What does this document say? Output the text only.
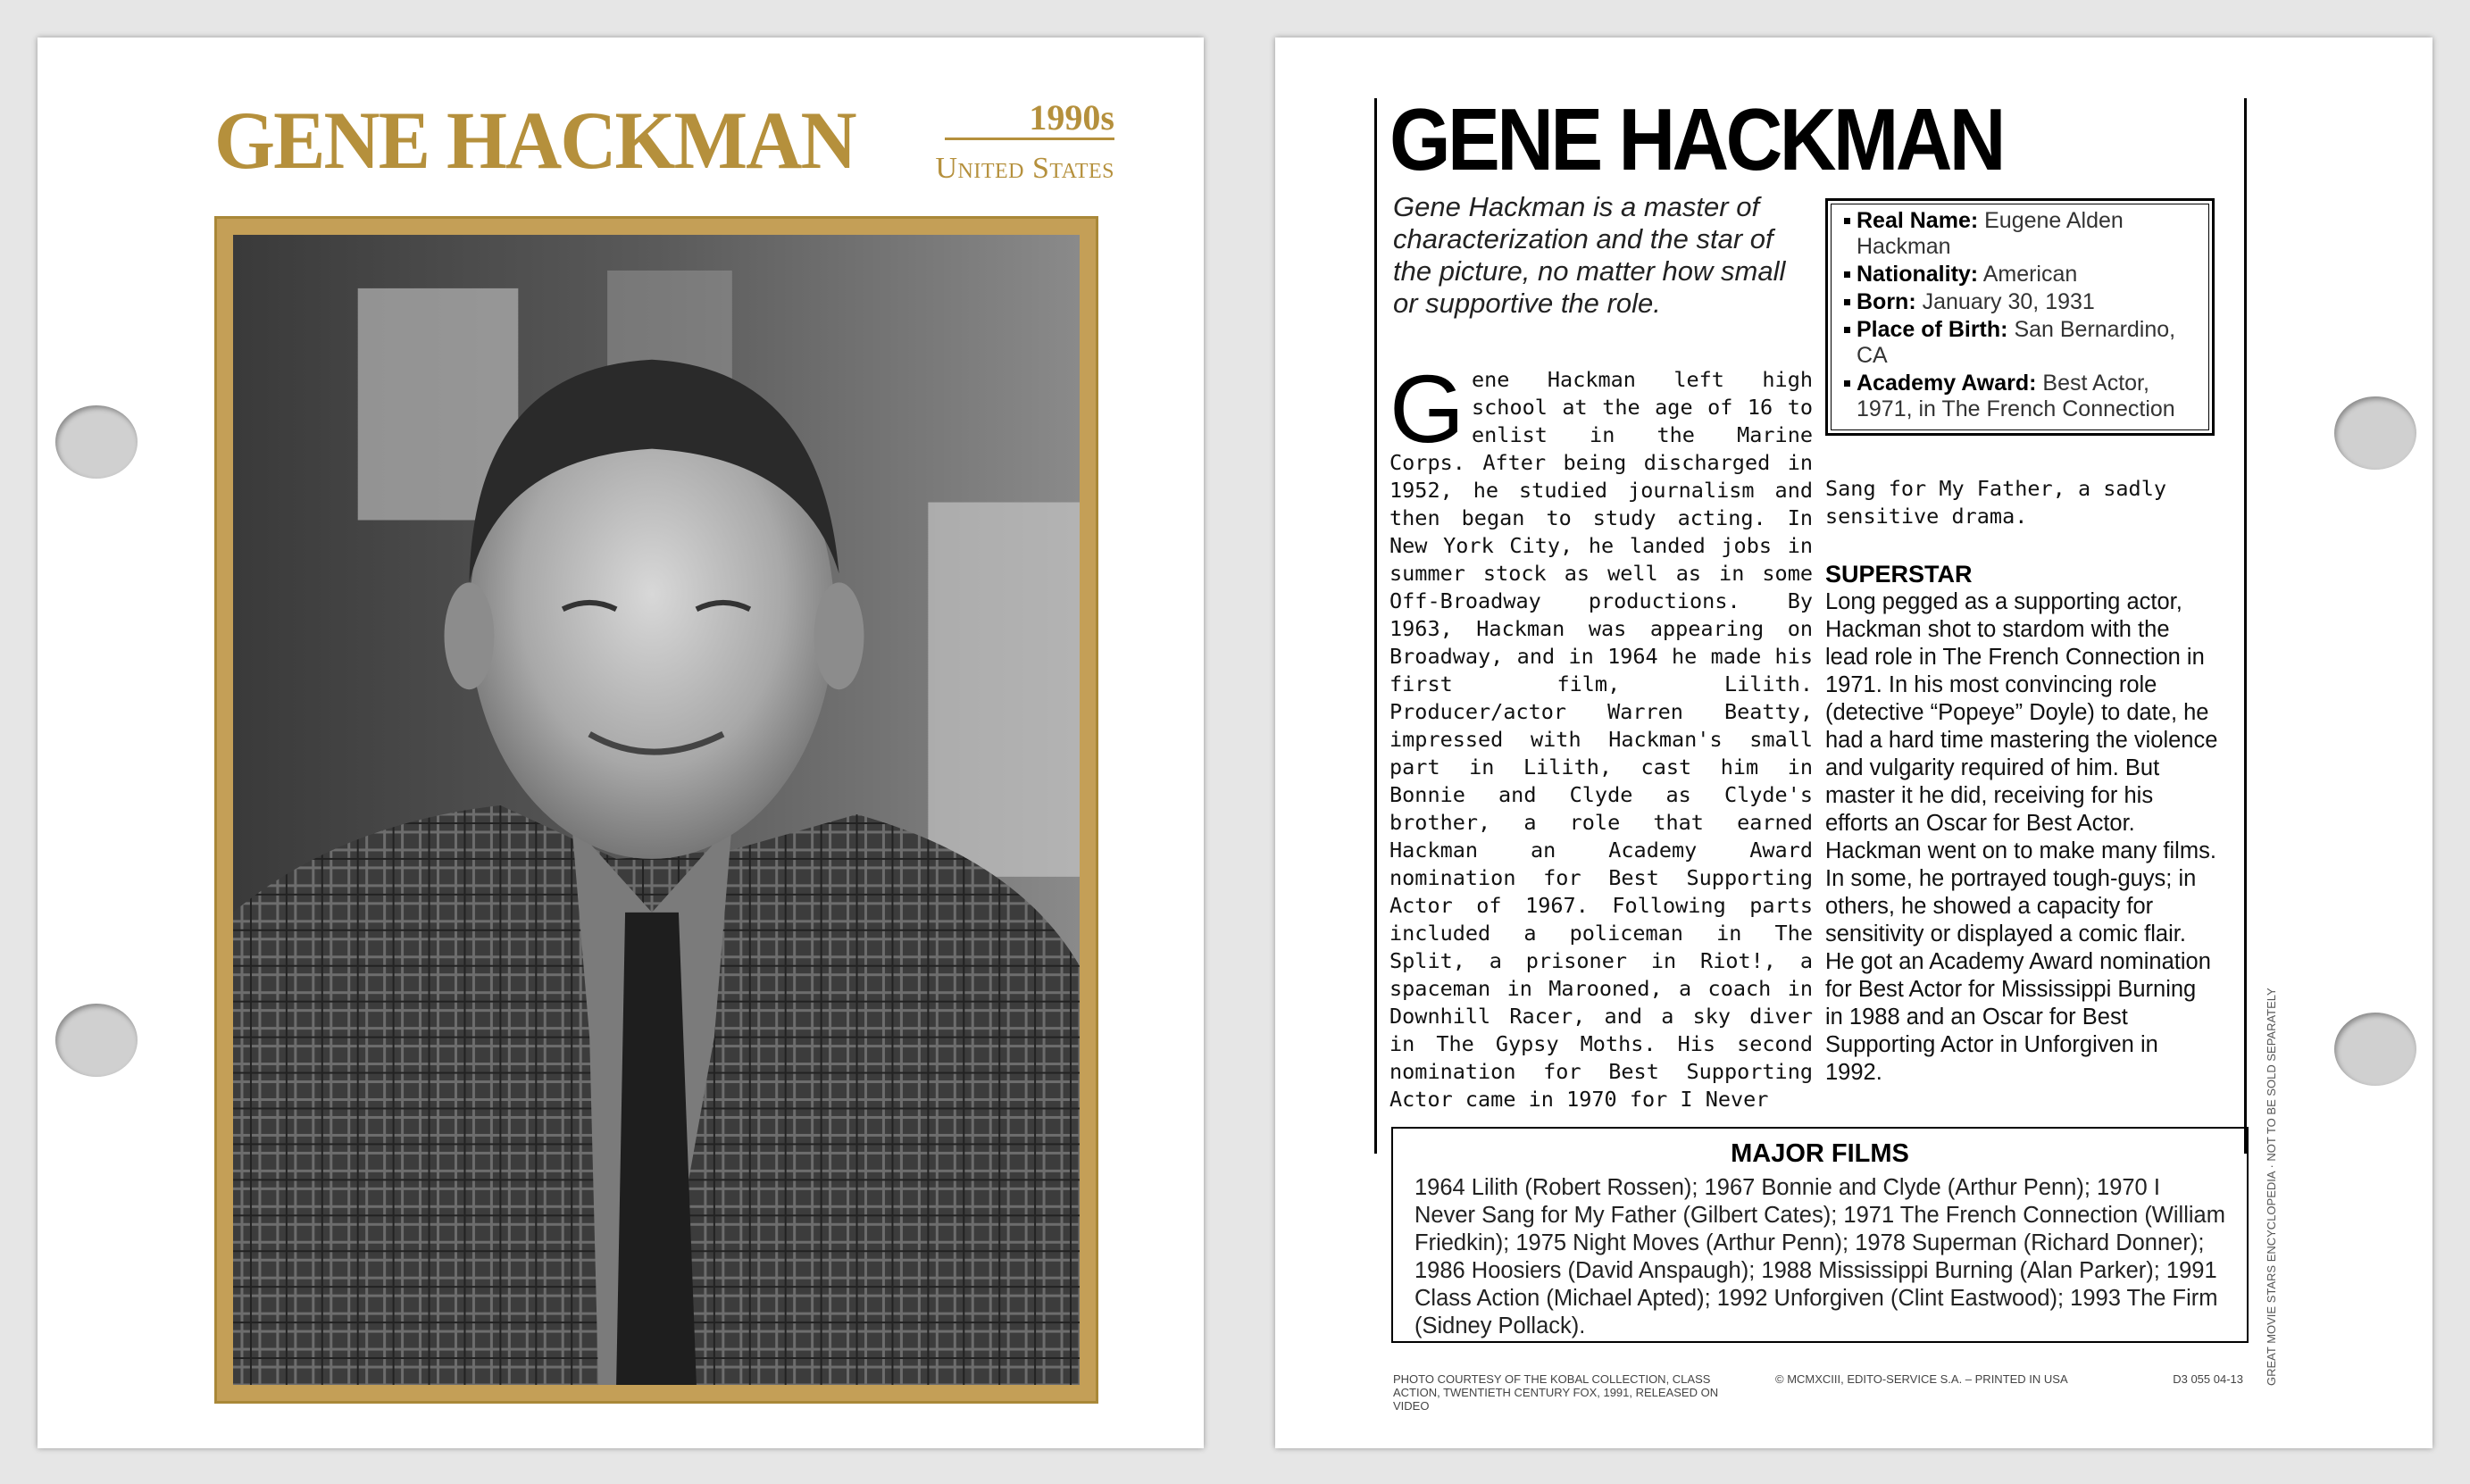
GENE HACKMAN	1990s
United States	GENE HACKMAN

Gene Hackman is a master of characterization and the star of the picture, no matter how small or supportive the role.

Real Name: Eugene Alden Hackman
Nationality: American
Born: January 30, 1931
Place of Birth: San Bernardino, CA
Academy Award: Best Actor, 1971, in The French Connection
Gene Hackman left high school at the age of 16 to enlist in the Marine Corps. After being discharged in 1952, he studied journalism and then began to study acting. In New York City, he landed jobs in summer stock as well as in some Off-Broadway productions. By 1963, Hackman was appearing on Broadway, and in 1964 he made his first film, Lilith. Producer/actor Warren Beatty, impressed with Hackman's small part in Lilith, cast him in Bonnie and Clyde as Clyde's brother, a role that earned Hackman an Academy Award nomination for Best Supporting Actor of 1967. Following parts included a policeman in The Split, a prisoner in Riot!, a spaceman in Marooned, a coach in Downhill Racer, and a sky diver in The Gypsy Moths. His second nomination for Best Supporting Actor came in 1970 for I Never
Sang for My Father, a sadly sensitive drama.
SUPERSTAR
Long pegged as a supporting actor, Hackman shot to stardom with the lead role in The French Connection in 1971. In his most convincing role (detective “Popeye” Doyle) to date, he had a hard time mastering the violence and vulgarity required of him. But master it he did, receiving for his efforts an Oscar for Best Actor. Hackman went on to make many films. In some, he portrayed tough-guys; in others, he showed a capacity for sensitivity or displayed a comic flair. He got an Academy Award nomination for Best Actor for Mississippi Burning in 1988 and an Oscar for Best Supporting Actor in Unforgiven in 1992.
MAJOR FILMS
1964 Lilith (Robert Rossen); 1967 Bonnie and Clyde (Arthur Penn); 1970 I Never Sang for My Father (Gilbert Cates); 1971 The French Connection (William Friedkin); 1975 Night Moves (Arthur Penn); 1978 Superman (Richard Donner); 1986 Hoosiers (David Anspaugh); 1988 Mississippi Burning (Alan Parker); 1991 Class Action (Michael Apted); 1992 Unforgiven (Clint Eastwood); 1993 The Firm (Sidney Pollack).
PHOTO COURTESY OF THE KOBAL COLLECTION, CLASS ACTION, TWENTIETH CENTURY FOX, 1991, RELEASED ON VIDEO
© MCMXCIII, EDITO-SERVICE S.A. – PRINTED IN USA	D3 055 04-13 GREAT MOVIE STARS ENCYCLOPEDIA · NOT TO BE SOLD SEPARATELY
